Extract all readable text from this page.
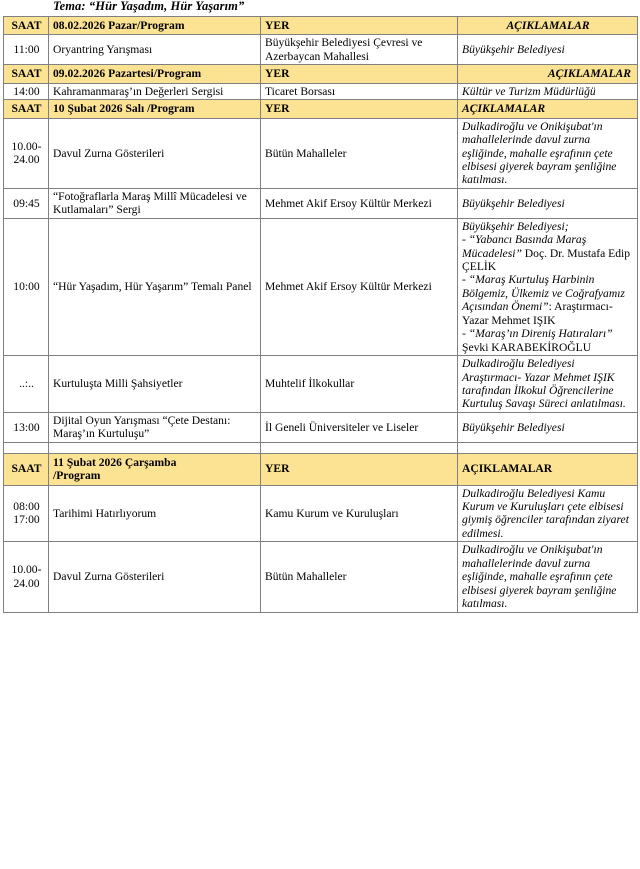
Tema: “Hür Yaşadım, Hür Yaşarım”
SAAT	08.02.2026 Pazar/Program	YER	AÇIKLAMALAR
11:00	Oryantring Yarışması	Büyükşehir Belediyesi Çevresi ve Azerbaycan Mahallesi	Büyükşehir Belediyesi
SAAT	09.02.2026 Pazartesi/Program	YER	AÇIKLAMALAR
14:00	Kahramanmaraş’ın Değerleri Sergisi	Ticaret Borsası	Kültür ve Turizm Müdürlüğü
SAAT	10 Şubat 2026 Salı /Program	YER	AÇIKLAMALAR

10.00-
24.00	Davul Zurna Gösterileri	Bütün Mahalleler	Dulkadiroğlu ve Onikişubat'ın mahallelerinde davul zurna eşliğinde, mahalle eşrafının çete elbisesi giyerek bayram şenliğine katılması.
09:45	“Fotoğraflarla Maraş Millî Mücadelesi ve Kutlamaları” Sergi	Mehmet Akif Ersoy Kültür Merkezi	Büyükşehir Belediyesi
10:00	“Hür Yaşadım, Hür Yaşarım” Temalı Panel	Mehmet Akif Ersoy Kültür Merkezi	Büyükşehir Belediyesi;
- “Yabancı Basında Maraş Mücadelesi” Doç. Dr. Mustafa Edip ÇELİK
- “Maraş Kurtuluş Harbinin Bölgemiz, Ülkemiz ve Coğrafyamız Açısından Önemi”: Araştırmacı- Yazar Mehmet IŞIK
- “Maraş’ın Direniş Hatıraları” Şevki KARABEKİROĞLU
..:..	Kurtuluşta Milli Şahsiyetler	Muhtelif İlkokullar	Dulkadiroğlu Belediyesi Araştırmacı- Yazar Mehmet IŞIK tarafından İlkokul Öğrencilerine Kurtuluş Savaşı Süreci anlatılması.
13:00	Dijital Oyun Yarışması “Çete Destanı: Maraş’ın Kurtuluşu”	İl Geneli Üniversiteler ve Liseler	Büyükşehir Belediyesi

SAAT	11 Şubat 2026 Çarşamba
/Program	YER	AÇIKLAMALAR

08:00
17:00	Tarihimi Hatırlıyorum	Kamu Kurum ve Kuruluşları	Dulkadiroğlu Belediyesi Kamu Kurum ve Kuruluşları çete elbisesi giymiş öğrenciler tarafından ziyaret edilmesi.

10.00-
24.00	Davul Zurna Gösterileri	Bütün Mahalleler	Dulkadiroğlu ve Onikişubat'ın mahallelerinde davul zurna eşliğinde, mahalle eşrafının çete elbisesi giyerek bayram şenliğine katılması.
